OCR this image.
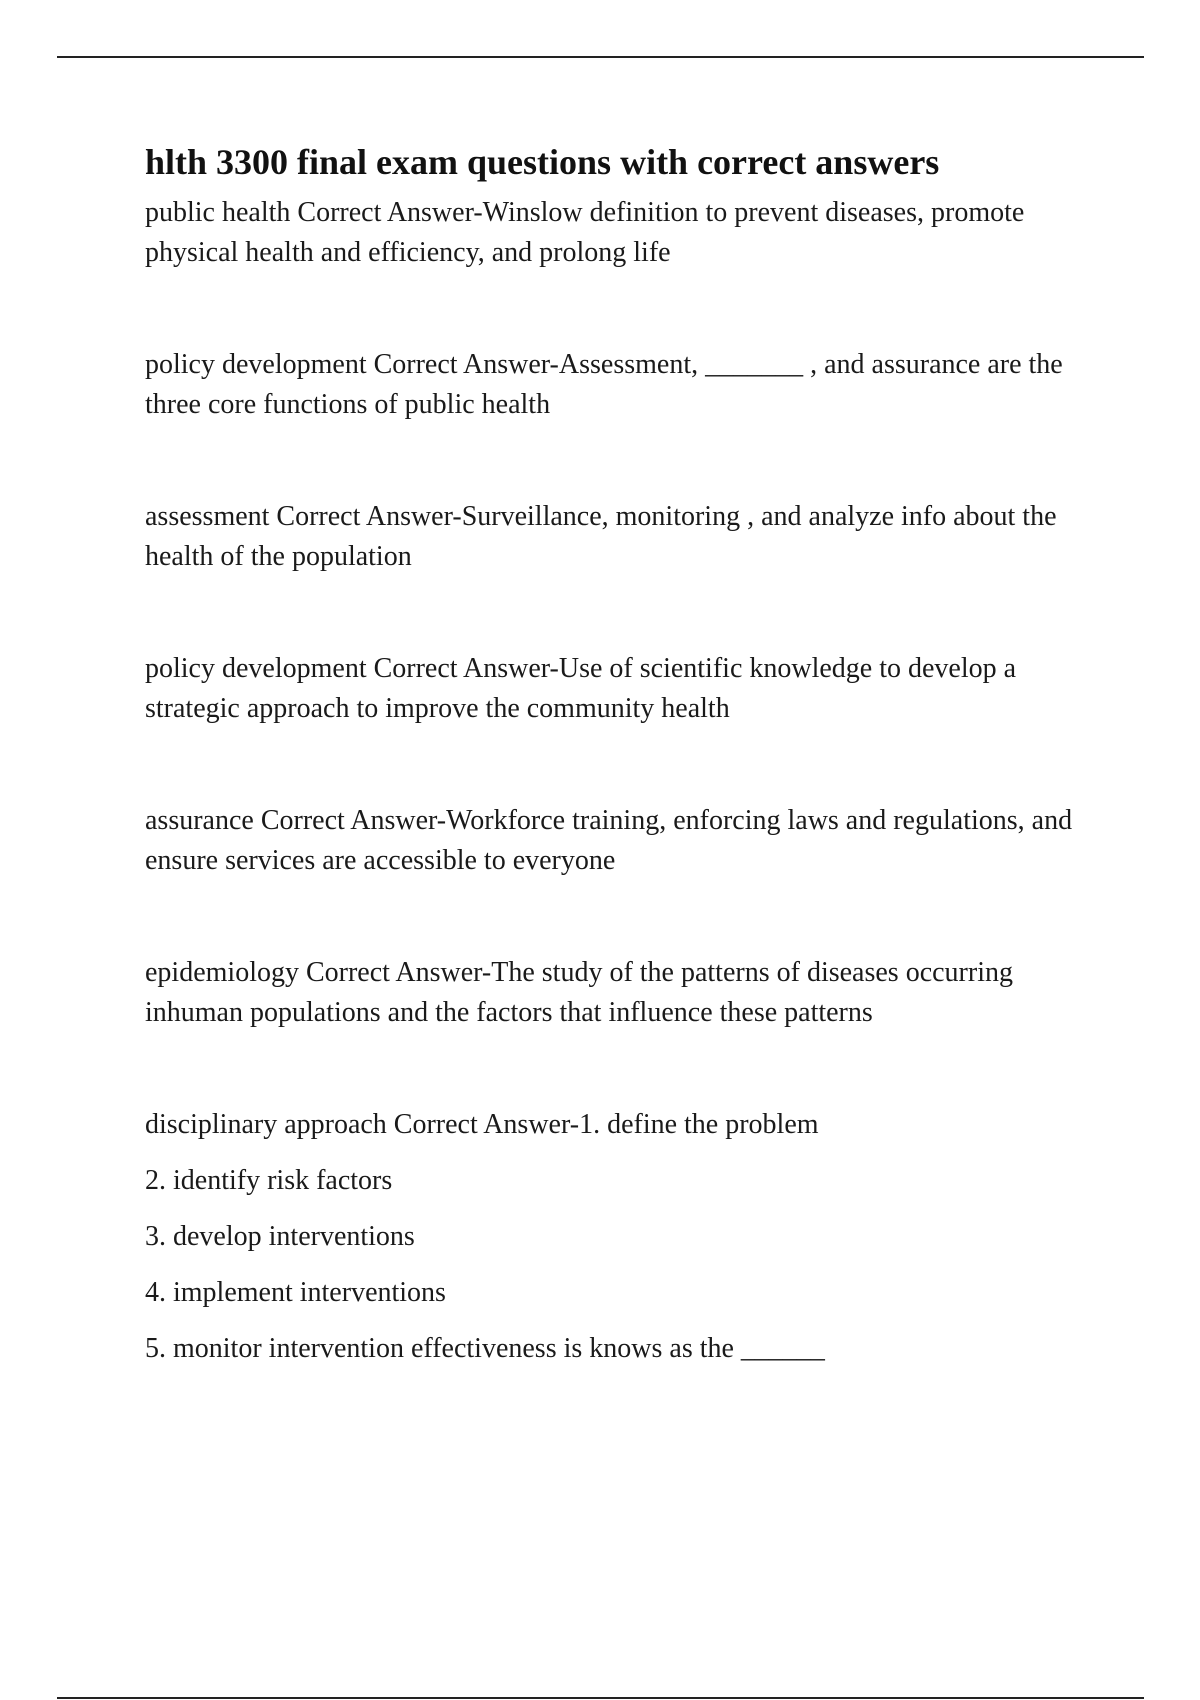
hlth 3300 final exam questions with correct answers

public health Correct Answer-Winslow definition to prevent diseases, promote physical health and efficiency, and prolong life

policy development Correct Answer-Assessment, _______ , and assurance are the three core functions of public health

assessment Correct Answer-Surveillance, monitoring , and analyze info about the health of the population

policy development Correct Answer-Use of scientific knowledge to develop a strategic approach to improve the community health

assurance Correct Answer-Workforce training, enforcing laws and regulations, and ensure services are accessible to everyone

epidemiology Correct Answer-The study of the patterns of diseases occurring inhuman populations and the factors that influence these patterns

disciplinary approach Correct Answer-1. define the problem

2. identify risk factors

3. develop interventions

4. implement interventions

5. monitor intervention effectiveness is knows as the ______
